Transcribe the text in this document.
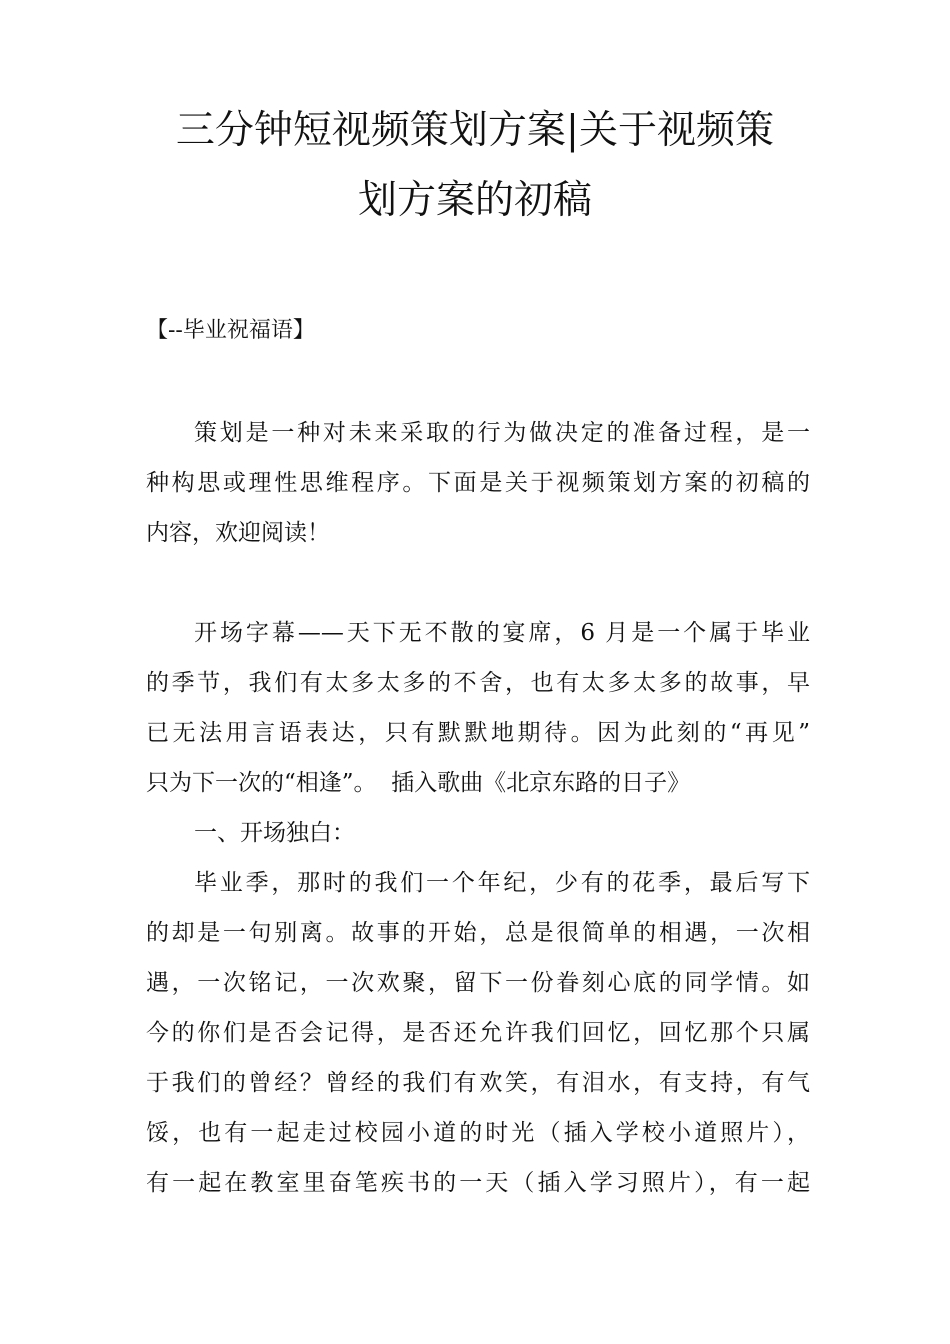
三分钟短视频策划方案|关于视频策
划方案的初稿
【--毕业祝福语】
策划是一种对未来采取的行为做决定的准备过程，是一
种构思或理性思维程序。下面是关于视频策划方案的初稿的
内容，欢迎阅读！
开场字幕——天下无不散的宴席，6 月是一个属于毕业
的季节，我们有太多太多的不舍，也有太多太多的故事，早
已无法用言语表达，只有默默地期待。因为此刻的“再见”
只为下一次的“相逢”。  插入歌曲《北京东路的日子》
一、开场独白：
毕业季，那时的我们一个年纪，少有的花季，最后写下
的却是一句别离。故事的开始，总是很简单的相遇，一次相
遇，一次铭记，一次欢聚，留下一份眷刻心底的同学情。如
今的你们是否会记得，是否还允许我们回忆，回忆那个只属
于我们的曾经？曾经的我们有欢笑，有泪水，有支持，有气
馁，也有一起走过校园小道的时光（插入学校小道照片），
有一起在教室里奋笔疾书的一天（插入学习照片），有一起
